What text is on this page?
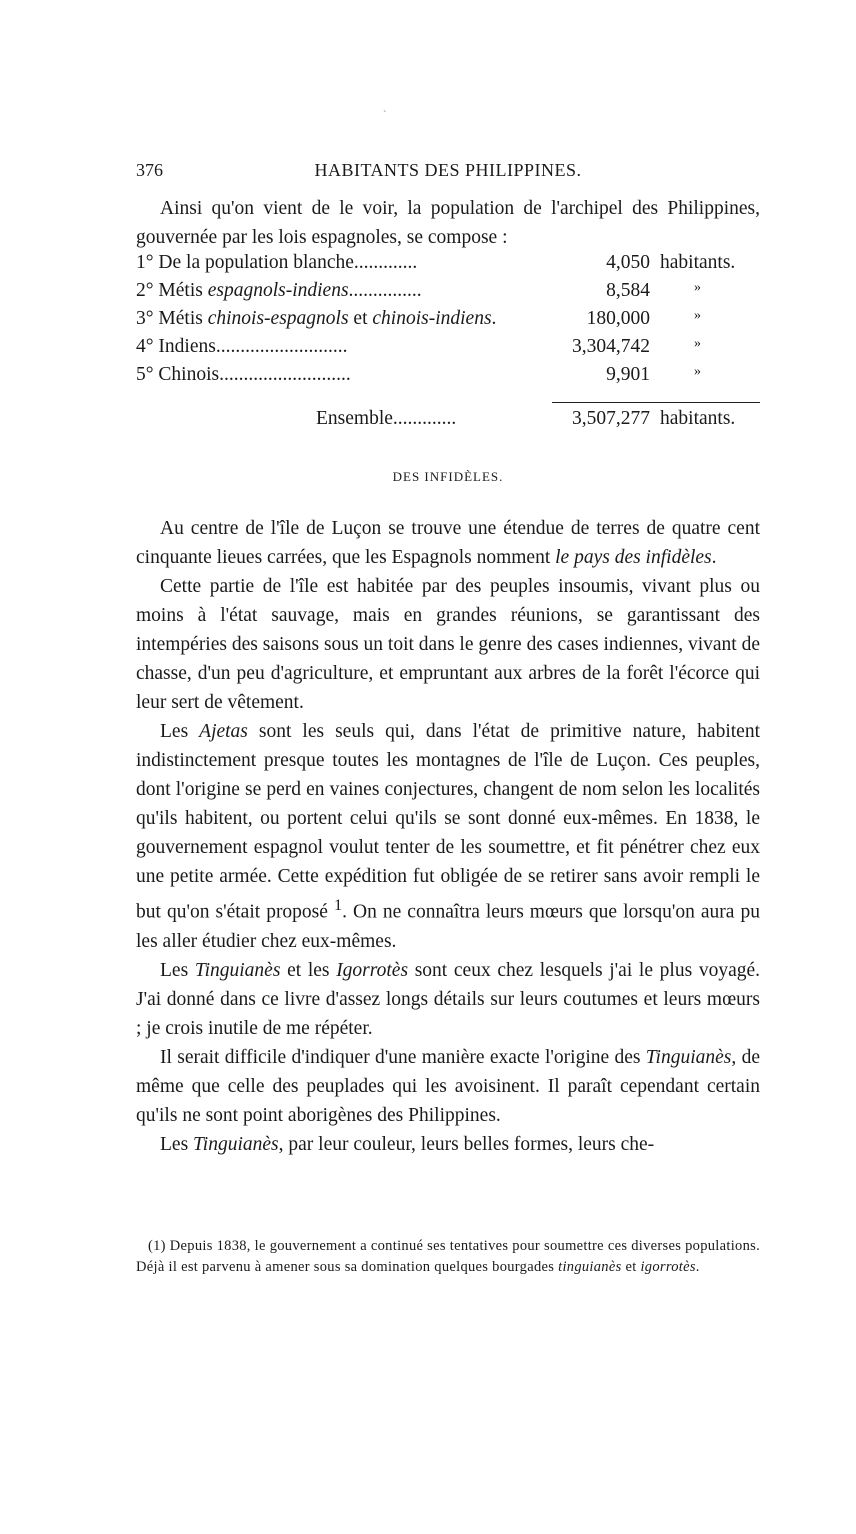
`
376	HABITANTS DES PHILIPPINES.

Ainsi qu'on vient de le voir, la population de l'archipel des Philippines, gouvernée par les lois espagnoles, se compose :

1° De la population blanche.............	4,050 habitants.
2° Métis espagnols-indiens...............	8,584	»
3° Métis chinois-espagnols et chinois-indiens.	180,000	»
4° Indiens...........................	3,304,742	»
5° Chinois...........................	9,901	»
Ensemble.............	3,507,277 habitants.
DES INFIDÈLES.

Au centre de l'île de Luçon se trouve une étendue de terres de quatre cent cinquante lieues carrées, que les Espagnols nomment le pays des infidèles.

Cette partie de l'île est habitée par des peuples insoumis, vivant plus ou moins à l'état sauvage, mais en grandes réunions, se garantissant des intempéries des saisons sous un toit dans le genre des cases indiennes, vivant de chasse, d'un peu d'agriculture, et empruntant aux arbres de la forêt l'écorce qui leur sert de vêtement.

Les Ajetas sont les seuls qui, dans l'état de primitive nature, habitent indistinctement presque toutes les montagnes de l'île de Luçon. Ces peuples, dont l'origine se perd en vaines conjectures, changent de nom selon les localités qu'ils habitent, ou portent celui qu'ils se sont donné eux-mêmes. En 1838, le gouvernement espagnol voulut tenter de les soumettre, et fit pénétrer chez eux une petite armée. Cette expédition fut obligée de se retirer sans avoir rempli le but qu'on s'était proposé $^1$. On ne connaîtra leurs mœurs que lorsqu'on aura pu les aller étudier chez eux-mêmes.

Les Tinguianès et les Igorrotès sont ceux chez lesquels j'ai le plus voyagé. J'ai donné dans ce livre d'assez longs détails sur leurs coutumes et leurs mœurs ; je crois inutile de me répéter.

Il serait difficile d'indiquer d'une manière exacte l'origine des Tinguianès, de même que celle des peuplades qui les avoisinent. Il paraît cependant certain qu'ils ne sont point aborigènes des Philippines.

Les Tinguianès, par leur couleur, leurs belles formes, leurs che-

(1) Depuis 1838, le gouvernement a continué ses tentatives pour soumettre ces diverses populations. Déjà il est parvenu à amener sous sa domination quelques bourgades tinguianès et igorrotès.
